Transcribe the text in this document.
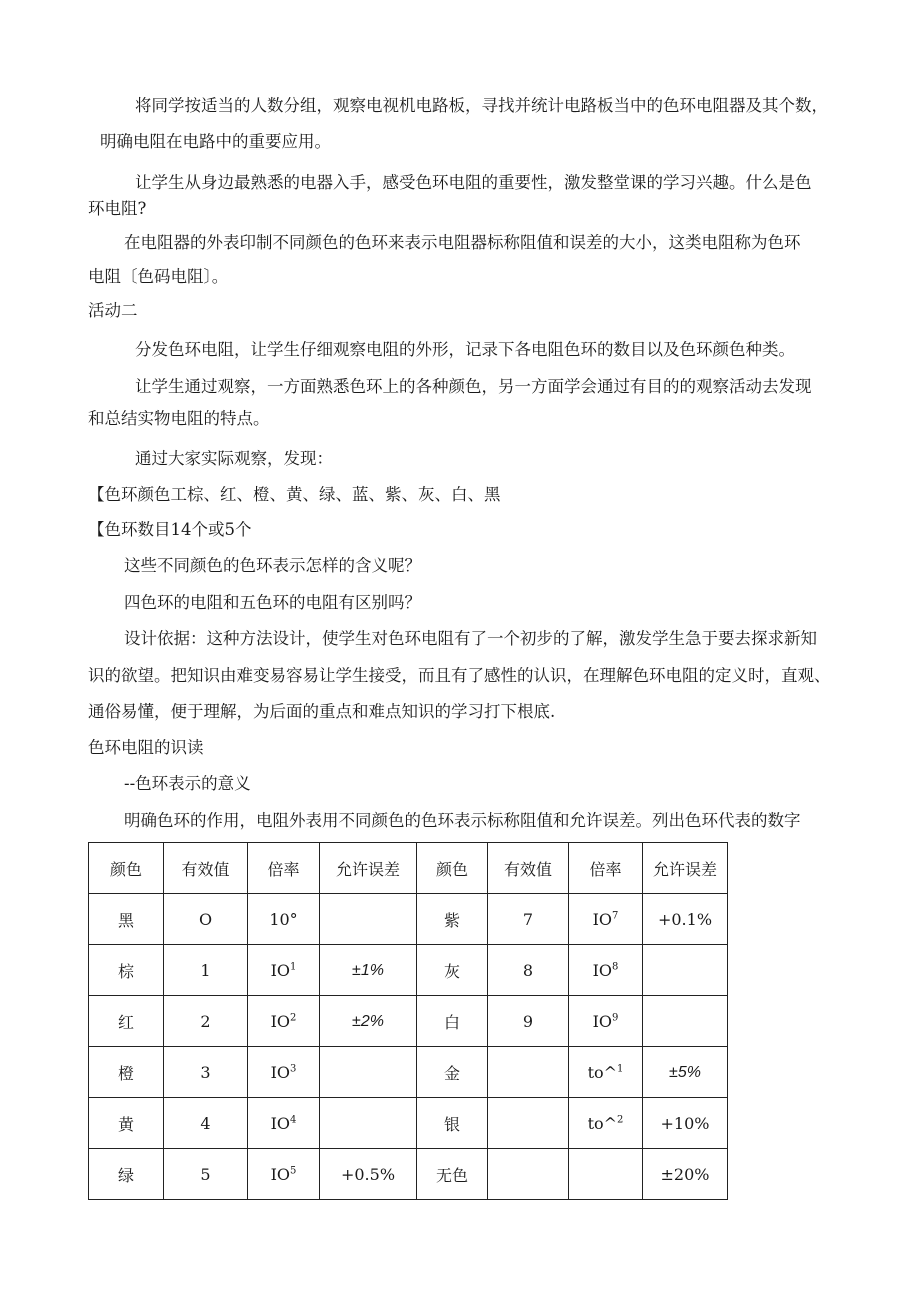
将同学按适当的人数分组，观察电视机电路板，寻找并统计电路板当中的色环电阻器及其个数，
明确电阻在电路中的重要应用。
让学生从身边最熟悉的电器入手，感受色环电阻的重要性，激发整堂课的学习兴趣。什么是色
环电阻?
在电阻器的外表印制不同颜色的色环来表示电阻器标称阻值和误差的大小，这类电阻称为色环
电阻〔色码电阻〕。
活动二
分发色环电阻，让学生仔细观察电阻的外形，记录下各电阻色环的数目以及色环颜色种类。
让学生通过观察，一方面熟悉色环上的各种颜色，另一方面学会通过有目的的观察活动去发现
和总结实物电阻的特点。
通过大家实际观察，发现：
【色环颜色工棕、红、橙、黄、绿、蓝、紫、灰、白、黑
【色环数目14个或5个
这些不同颜色的色环表示怎样的含义呢？
四色环的电阻和五色环的电阻有区别吗？
设计依据：这种方法设计，使学生对色环电阻有了一个初步的了解，激发学生急于要去探求新知
识的欲望。把知识由难变易容易让学生接受，而且有了感性的认识，在理解色环电阻的定义时，直观、
通俗易懂，便于理解，为后面的重点和难点知识的学习打下根底.
色环电阻的识读
--色环表示的意义
明确色环的作用，电阻外表用不同颜色的色环表示标称阻值和允许误差。列出色环代表的数字
颜色	有效值	倍率	允许误差	颜色	有效值	倍率	允许误差
黑	O	10°		紫	7	$IO^7$	+0.1%
棕	1	$IO^1$	±1%	灰	8	$IO^8$	
红	2	$IO^2$	±2%	白	9	$IO^9$	
橙	3	$IO^3$		金		to^$^1$	±5%
黄	4	$IO^4$		银		to^$^2$	+10%
绿	5	$IO^5$	+0.5%	无色			±20%
